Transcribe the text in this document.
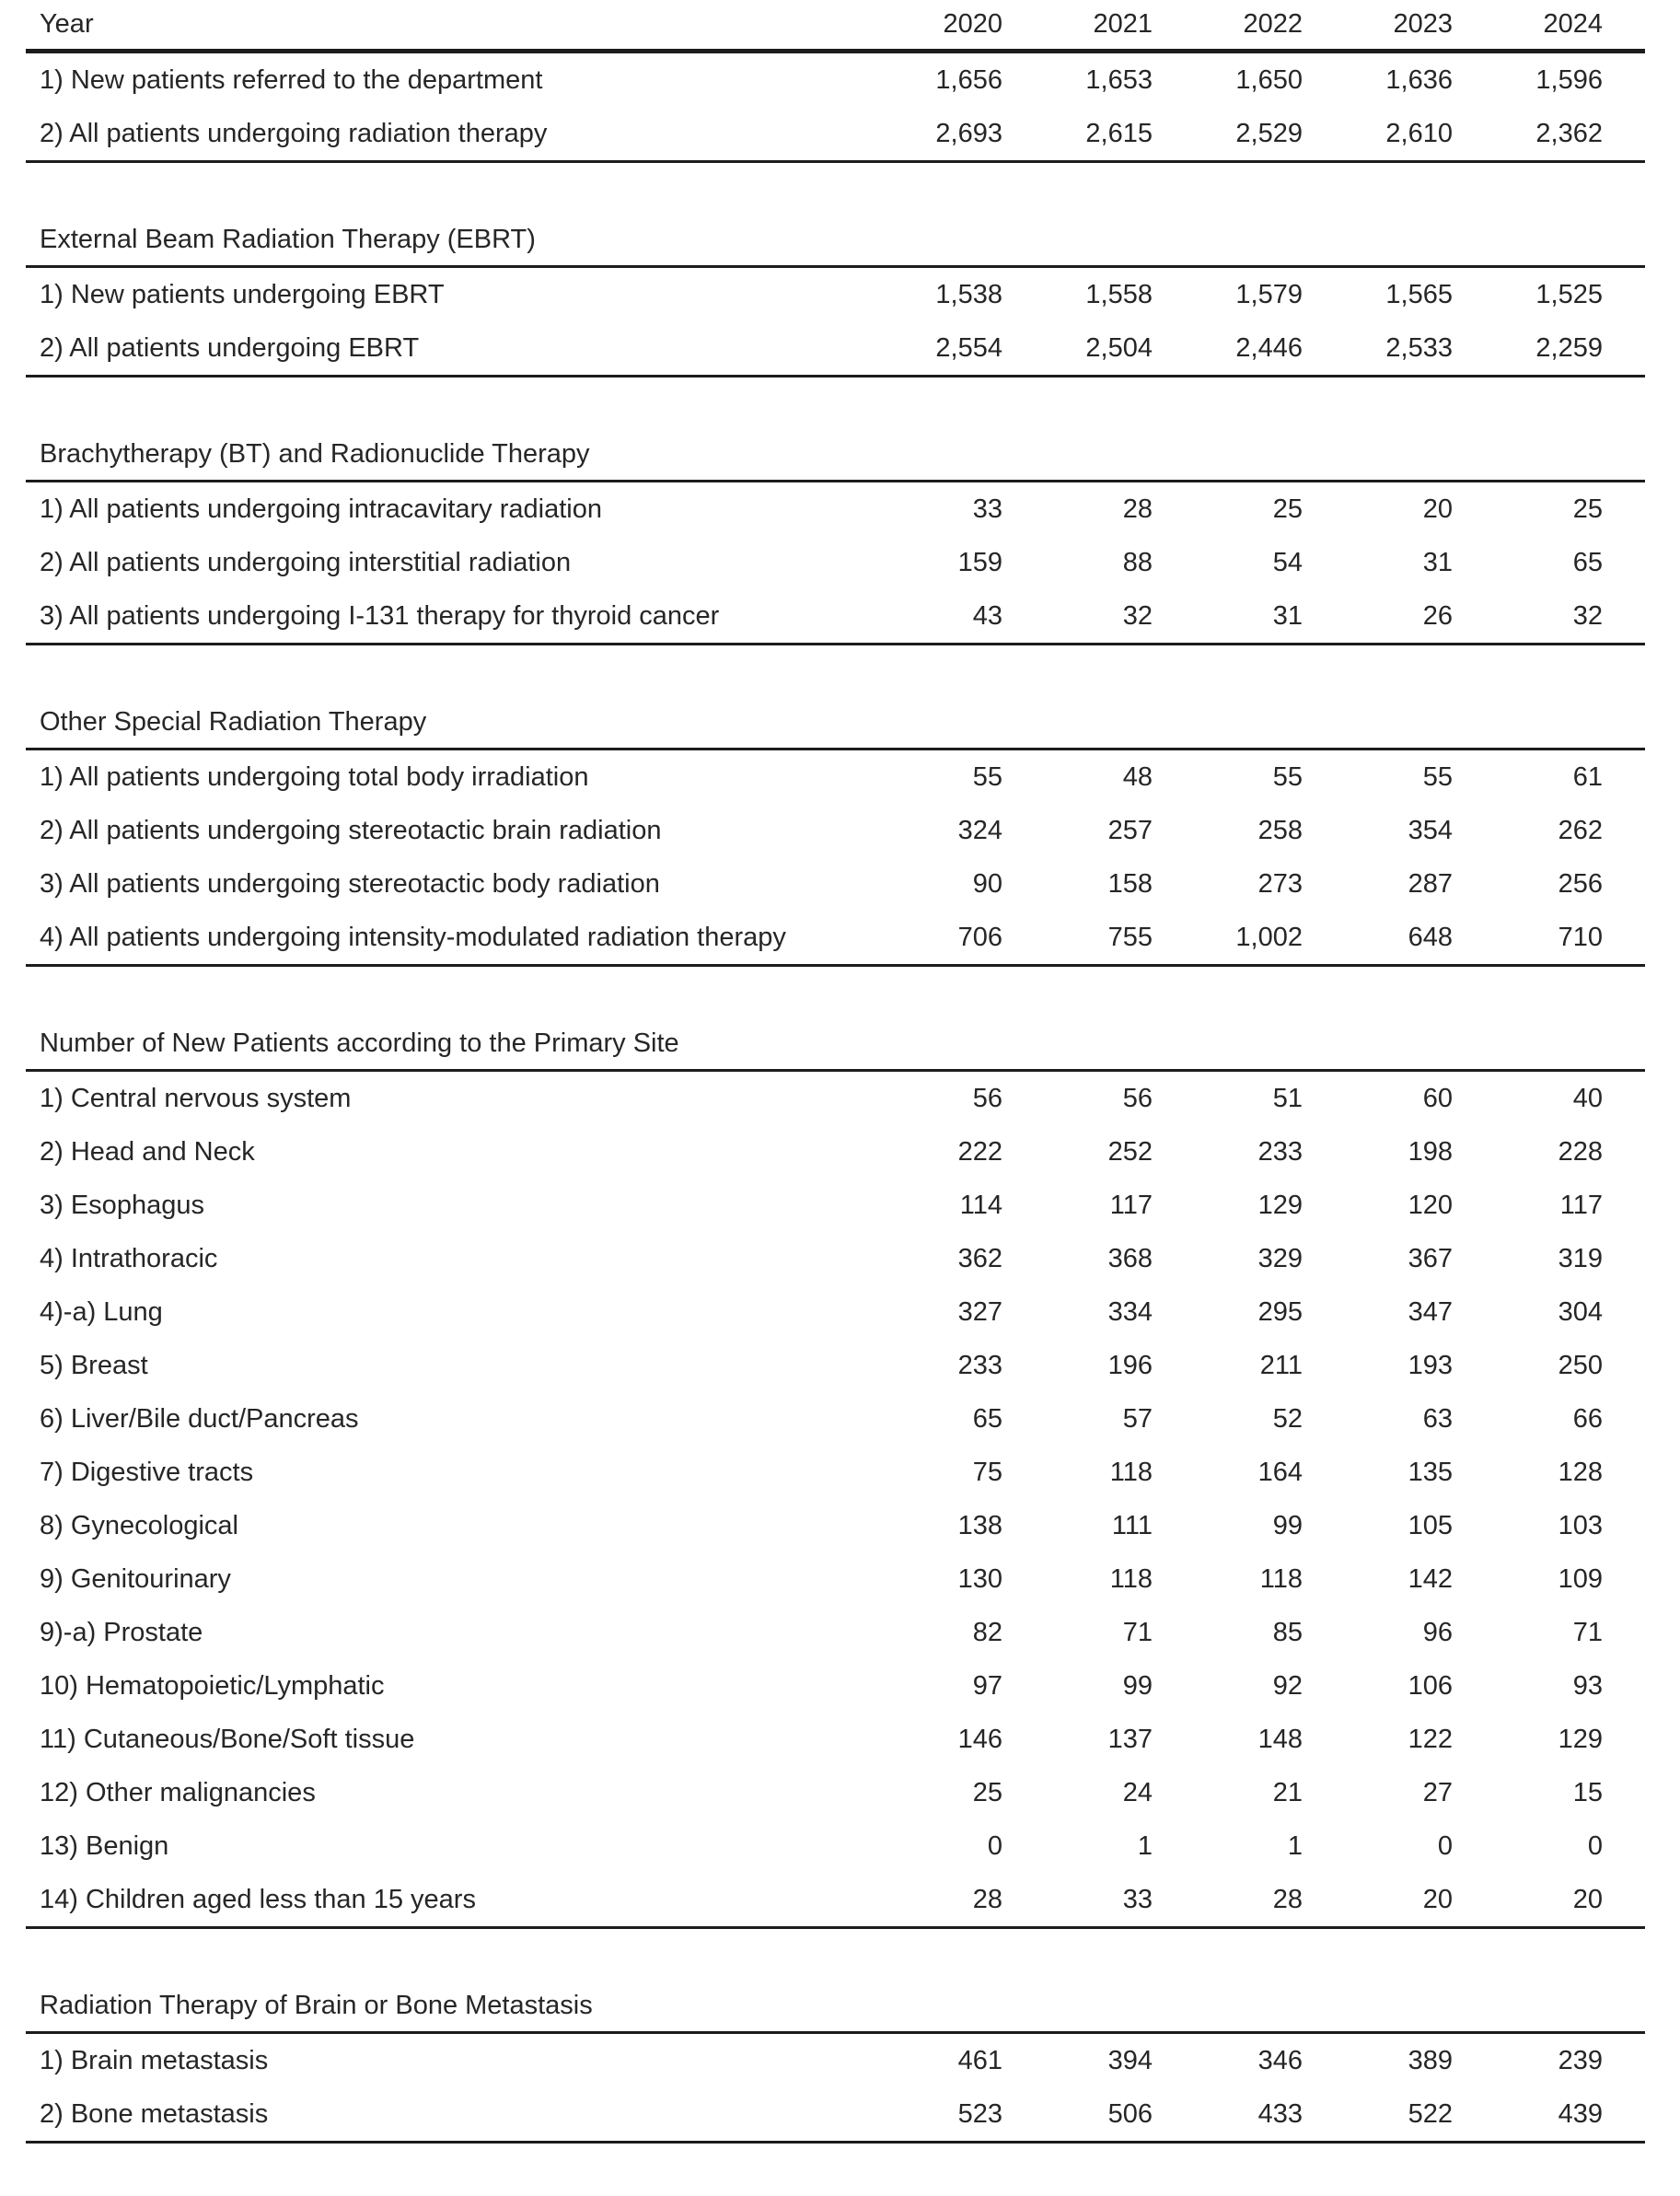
Year	2020	2021	2022	2023	2024
1) New patients referred to the department	1,656	1,653	1,650	1,636	1,596
2) All patients undergoing radiation therapy	2,693	2,615	2,529	2,610	2,362
External Beam Radiation Therapy (EBRT)
1) New patients undergoing EBRT	1,538	1,558	1,579	1,565	1,525
2) All patients undergoing EBRT	2,554	2,504	2,446	2,533	2,259
Brachytherapy (BT) and Radionuclide Therapy
1) All patients undergoing intracavitary radiation	33	28	25	20	25
2) All patients undergoing interstitial radiation	159	88	54	31	65
3) All patients undergoing I-131 therapy for thyroid cancer	43	32	31	26	32
Other Special Radiation Therapy
1) All patients undergoing total body irradiation	55	48	55	55	61
2) All patients undergoing stereotactic brain radiation	324	257	258	354	262
3) All patients undergoing stereotactic body radiation	90	158	273	287	256
4) All patients undergoing intensity-modulated radiation therapy	706	755	1,002	648	710
Number of New Patients according to the Primary Site
1) Central nervous system	56	56	51	60	40
2) Head and Neck	222	252	233	198	228
3) Esophagus	114	117	129	120	117
4) Intrathoracic	362	368	329	367	319
4)-a) Lung	327	334	295	347	304
5) Breast	233	196	211	193	250
6) Liver/Bile duct/Pancreas	65	57	52	63	66
7) Digestive tracts	75	118	164	135	128
8) Gynecological	138	111	99	105	103
9) Genitourinary	130	118	118	142	109
9)-a) Prostate	82	71	85	96	71
10) Hematopoietic/Lymphatic	97	99	92	106	93
11) Cutaneous/Bone/Soft tissue	146	137	148	122	129
12) Other malignancies	25	24	21	27	15
13) Benign	0	1	1	0	0
14) Children aged less than 15 years	28	33	28	20	20
Radiation Therapy of Brain or Bone Metastasis
1) Brain metastasis	461	394	346	389	239
2) Bone metastasis	523	506	433	522	439
